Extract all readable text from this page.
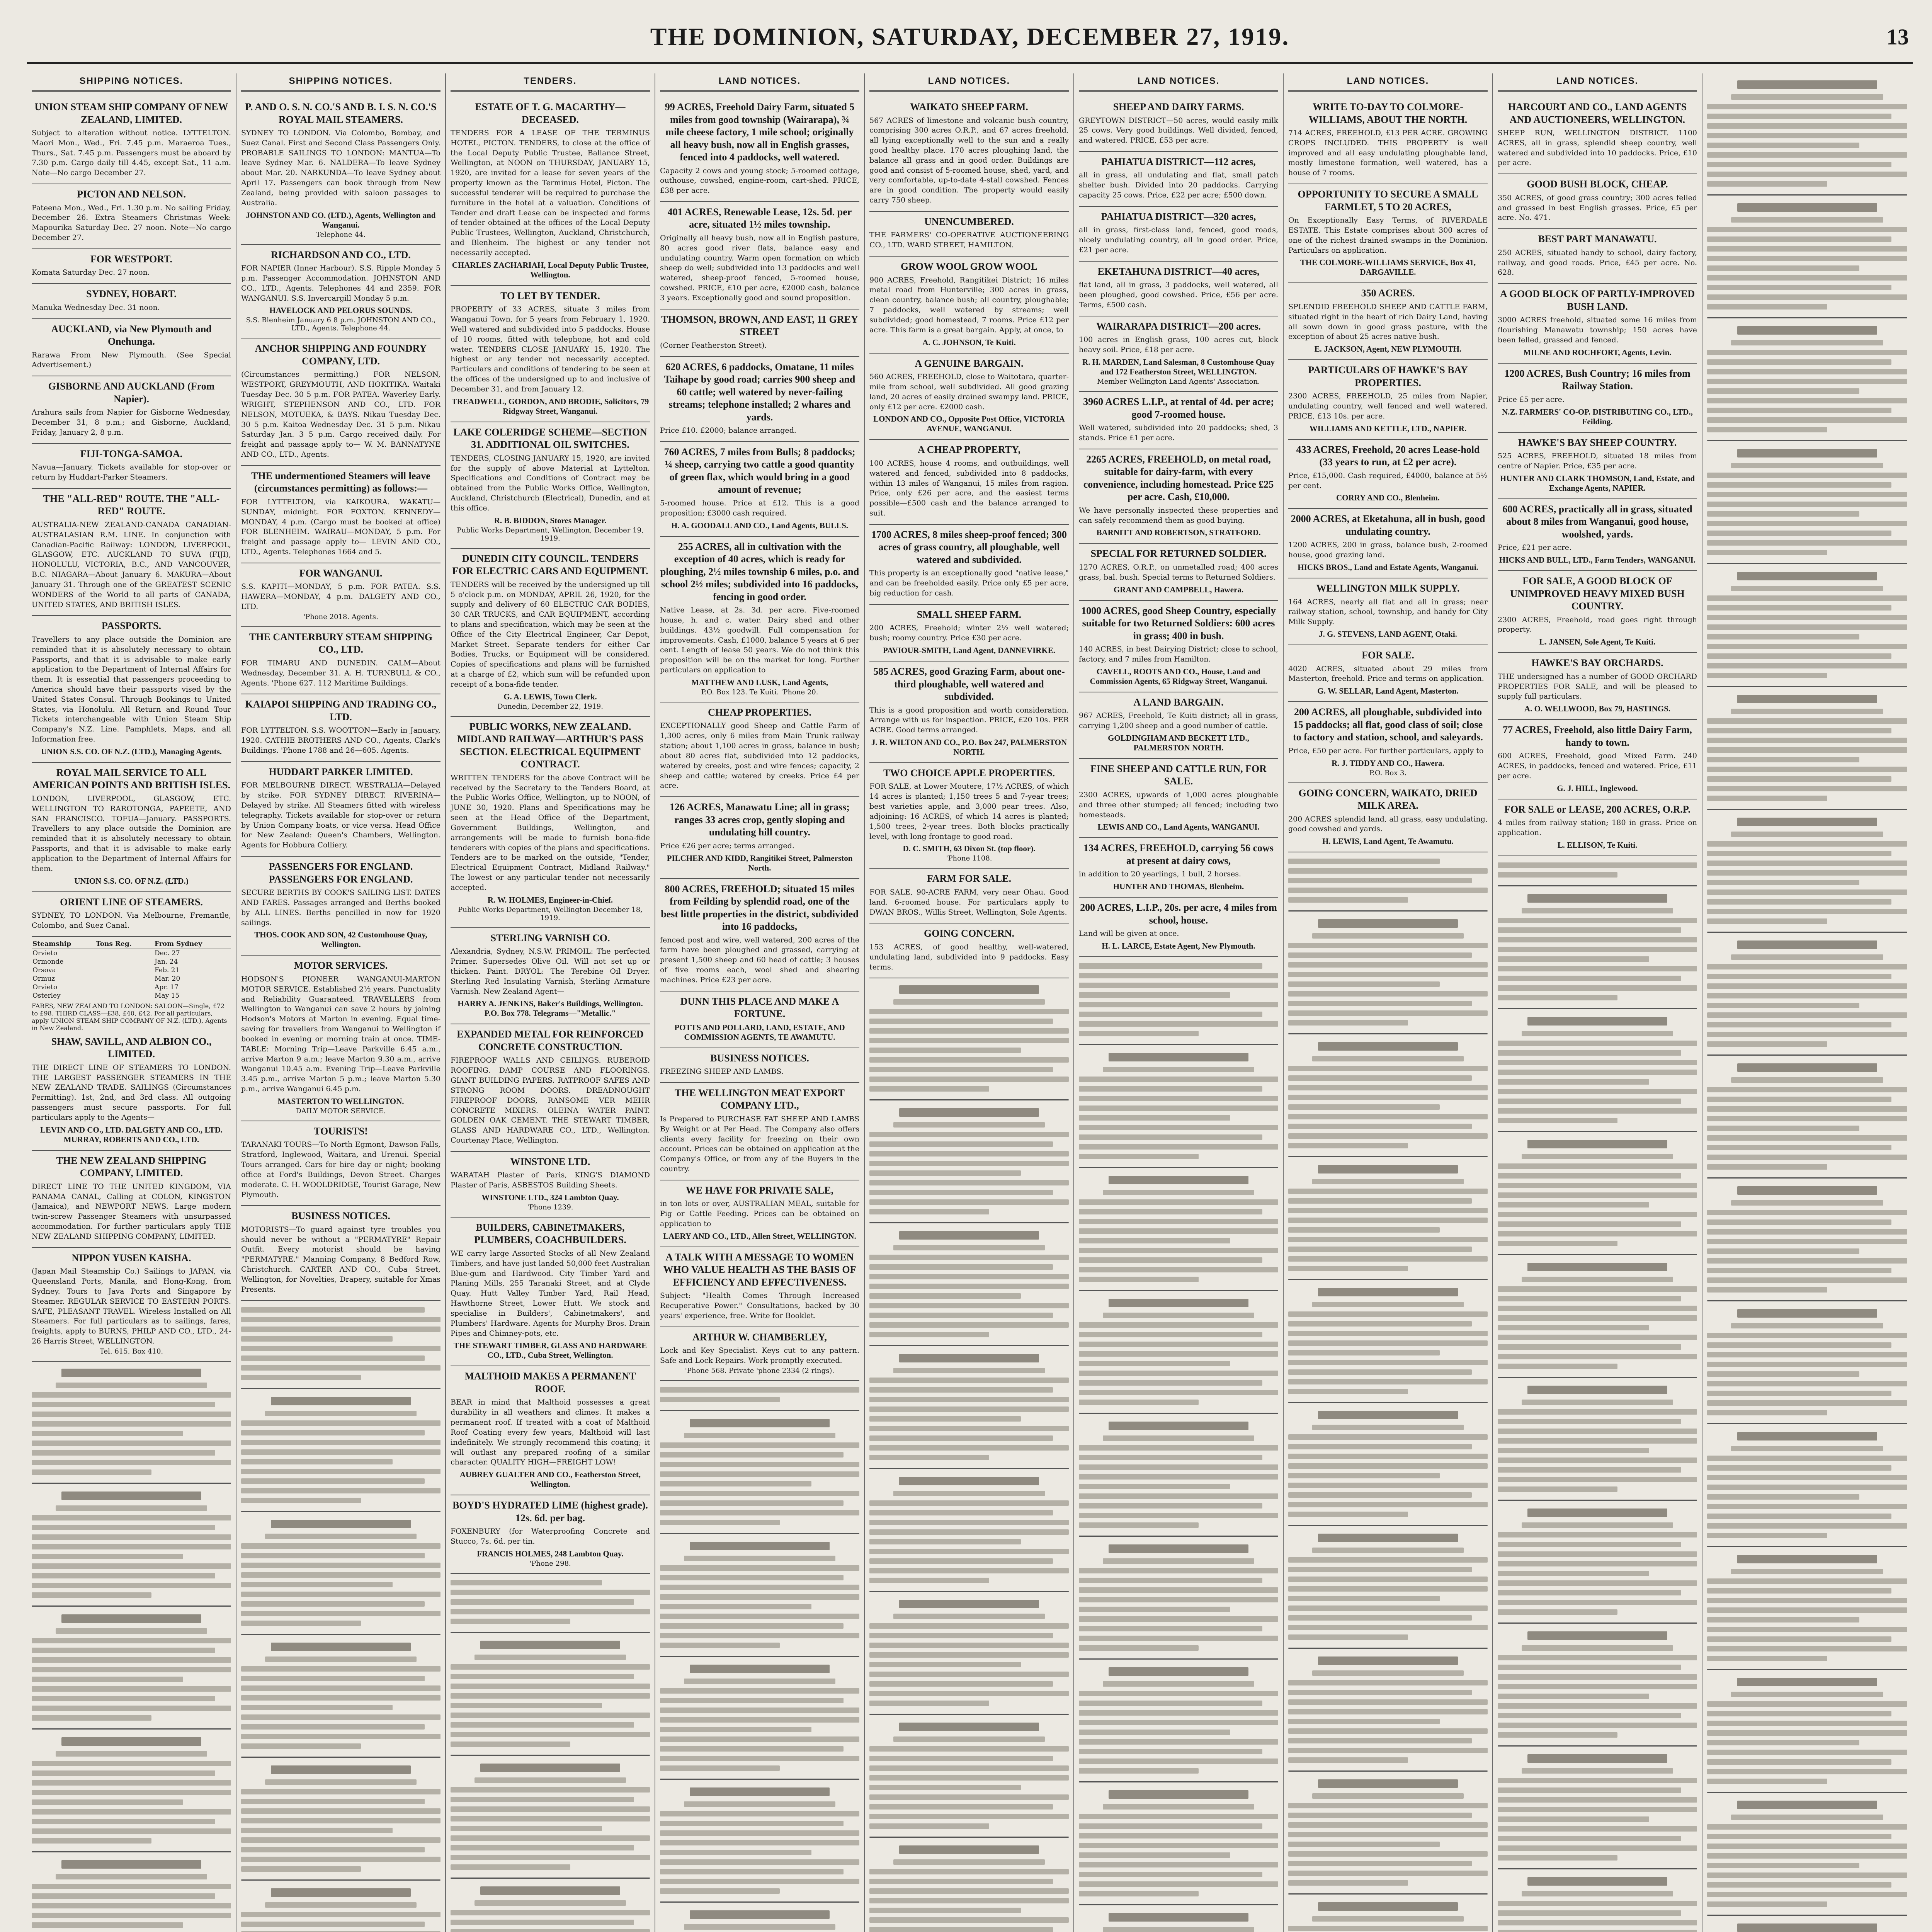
THE DOMINION, SATURDAY, DECEMBER 27, 1919.	13
SHIPPING NOTICES.
UNION STEAM SHIP COMPANY OF NEW ZEALAND, LIMITED.
Subject to alteration without notice. LYTTELTON. Maori Mon., Wed., Fri. 7.45 p.m. Maraeroa Tues., Thurs., Sat. 7.45 p.m. Passengers must be aboard by 7.30 p.m. Cargo daily till 4.45, except Sat., 11 a.m. Note—No cargo December 27.
PICTON AND NELSON.
Pateena Mon., Wed., Fri. 1.30 p.m. No sailing Friday, December 26. Extra Steamers Christmas Week: Mapourika Saturday Dec. 27 noon. Note—No cargo December 27.
FOR WESTPORT.
Komata Saturday Dec. 27 noon.
SYDNEY, HOBART.
Manuka Wednesday Dec. 31 noon.
AUCKLAND, via New Plymouth and Onehunga.
Rarawa From New Plymouth. (See Special Advertisement.)
GISBORNE AND AUCKLAND (From Napier).
Arahura sails from Napier for Gisborne Wednesday, December 31, 8 p.m.; and Gisborne, Auckland, Friday, January 2, 8 p.m.
FIJI-TONGA-SAMOA.
Navua—January. Tickets available for stop-over or return by Huddart-Parker Steamers.
THE "ALL-RED" ROUTE. THE "ALL-RED" ROUTE.
AUSTRALIA-NEW ZEALAND-CANADA CANADIAN-AUSTRALASIAN R.M. LINE. In conjunction with Canadian-Pacific Railway: LONDON, LIVERPOOL, GLASGOW, ETC. AUCKLAND TO SUVA (FIJI), HONOLULU, VICTORIA, B.C., AND VANCOUVER, B.C. NIAGARA—About January 6. MAKURA—About January 31. Through one of the GREATEST SCENIC WONDERS of the World to all parts of CANADA, UNITED STATES, AND BRITISH ISLES.
PASSPORTS.
Travellers to any place outside the Dominion are reminded that it is absolutely necessary to obtain Passports, and that it is advisable to make early application to the Department of Internal Affairs for them. It is essential that passengers proceeding to America should have their passports vised by the United States Consul. Through Bookings to United States, via Honolulu. All Return and Round Tour Tickets interchangeable with Union Steam Ship Company's N.Z. Line. Pamphlets, Maps, and all Information free.
UNION S.S. CO. OF N.Z. (LTD.), Managing Agents.
ROYAL MAIL SERVICE TO ALL AMERICAN POINTS AND BRITISH ISLES.
LONDON, LIVERPOOL, GLASGOW, ETC. WELLINGTON TO RAROTONGA, PAPEETE, AND SAN FRANCISCO. TOFUA—January. PASSPORTS. Travellers to any place outside the Dominion are reminded that it is absolutely necessary to obtain Passports, and that it is advisable to make early application to the Department of Internal Affairs for them.
UNION S.S. CO. OF N.Z. (LTD.)
ORIENT LINE OF STEAMERS.
SYDNEY, TO LONDON. Via Melbourne, Fremantle, Colombo, and Suez Canal.
Steamship	Tons Reg.	From Sydney
Orvieto		Dec. 27
Ormonde		Jan. 24
Orsova		Feb. 21
Ormuz		Mar. 20
Orvieto		Apr. 17
Osterley		May 15
FARES, NEW ZEALAND TO LONDON: SALOON—Single, £72 to £98. THIRD CLASS—£38, £40, £42. For all particulars, apply UNION STEAM SHIP COMPANY OF N.Z. (LTD.), Agents in New Zealand.
SHAW, SAVILL, AND ALBION CO., LIMITED.
THE DIRECT LINE OF STEAMERS TO LONDON. THE LARGEST PASSENGER STEAMERS IN THE NEW ZEALAND TRADE. SAILINGS (Circumstances Permitting). 1st, 2nd, and 3rd class. All outgoing passengers must secure passports. For full particulars apply to the Agents—
LEVIN AND CO., LTD. DALGETY AND CO., LTD. MURRAY, ROBERTS AND CO., LTD.
THE NEW ZEALAND SHIPPING COMPANY, LIMITED.
DIRECT LINE TO THE UNITED KINGDOM, VIA PANAMA CANAL, Calling at COLON, KINGSTON (Jamaica), and NEWPORT NEWS. Large modern twin-screw Passenger Steamers with unsurpassed accommodation. For further particulars apply THE NEW ZEALAND SHIPPING COMPANY, LIMITED.
NIPPON YUSEN KAISHA.
(Japan Mail Steamship Co.) Sailings to JAPAN, via Queensland Ports, Manila, and Hong-Kong, from Sydney. Tours to Java Ports and Singapore by Steamer. REGULAR SERVICE TO EASTERN PORTS. SAFE, PLEASANT TRAVEL. Wireless Installed on All Steamers. For full particulars as to sailings, fares, freights, apply to BURNS, PHILP AND CO., LTD., 24-26 Harris Street, WELLINGTON.
Tel. 615. Box 410.
SHIPPING NOTICES.
P. AND O. S. N. CO.'S AND B. I. S. N. CO.'S ROYAL MAIL STEAMERS.
SYDNEY TO LONDON. Via Colombo, Bombay, and Suez Canal. First and Second Class Passengers Only. PROBABLE SAILINGS TO LONDON: MANTUA—To leave Sydney Mar. 6. NALDERA—To leave Sydney about Mar. 20. NARKUNDA—To leave Sydney about April 17. Passengers can book through from New Zealand, being provided with saloon passages to Australia.
JOHNSTON AND CO. (LTD.), Agents, Wellington and Wanganui.
Telephone 44.
RICHARDSON AND CO., LTD.
FOR NAPIER (Inner Harbour). S.S. Ripple Monday 5 p.m. Passenger Accommodation. JOHNSTON AND CO., LTD., Agents. Telephones 44 and 2359. FOR WANGANUI. S.S. Invercargill Monday 5 p.m.
HAVELOCK AND PELORUS SOUNDS.
S.S. Blenheim January 6 8 p.m. JOHNSTON AND CO., LTD., Agents. Telephone 44.
ANCHOR SHIPPING AND FOUNDRY COMPANY, LTD.
(Circumstances permitting.) FOR NELSON, WESTPORT, GREYMOUTH, AND HOKITIKA. Waitaki Tuesday Dec. 30 5 p.m. FOR PATEA. Waverley Early. WRIGHT, STEPHENSON AND CO., LTD. FOR NELSON, MOTUEKA, & BAYS. Nikau Tuesday Dec. 30 5 p.m. Kaitoa Wednesday Dec. 31 5 p.m. Nikau Saturday Jan. 3 5 p.m. Cargo received daily. For freight and passage apply to— W. M. BANNATYNE AND CO., LTD., Agents.
THE undermentioned Steamers will leave (circumstances permitting) as follows:—
FOR LYTTELTON, via KAIKOURA. WAKATU—SUNDAY, midnight. FOR FOXTON. KENNEDY—MONDAY, 4 p.m. (Cargo must be booked at office) FOR BLENHEIM. WAIRAU—MONDAY, 5 p.m. For freight and passage apply to— LEVIN AND CO., LTD., Agents. Telephones 1664 and 5.
FOR WANGANUI.
S.S. KAPITI—MONDAY, 5 p.m. FOR PATEA. S.S. HAWERA—MONDAY, 4 p.m. DALGETY AND CO., LTD.
'Phone 2018. Agents.
THE CANTERBURY STEAM SHIPPING CO., LTD.
FOR TIMARU AND DUNEDIN. CALM—About Wednesday, December 31. A. H. TURNBULL & CO., Agents. 'Phone 627. 112 Maritime Buildings.
KAIAPOI SHIPPING AND TRADING CO., LTD.
FOR LYTTELTON. S.S. WOOTTON—Early in January, 1920. CATHIE BROTHERS AND CO., Agents, Clark's Buildings. 'Phone 1788 and 26—605. Agents.
HUDDART PARKER LIMITED.
FOR MELBOURNE DIRECT. WESTRALIA—Delayed by strike. FOR SYDNEY DIRECT. RIVERINA—Delayed by strike. All Steamers fitted with wireless telegraphy. Tickets available for stop-over or return by Union Company boats, or vice versa. Head Office for New Zealand: Queen's Chambers, Wellington. Agents for Hobbura Colliery.
PASSENGERS FOR ENGLAND. PASSENGERS FOR ENGLAND.
SECURE BERTHS BY COOK'S SAILING LIST. DATES AND FARES. Passages arranged and Berths booked by ALL LINES. Berths pencilled in now for 1920 sailings.
THOS. COOK AND SON, 42 Customhouse Quay, Wellington.
MOTOR SERVICES.
HODSON'S PIONEER WANGANUI-MARTON MOTOR SERVICE. Established 2½ years. Punctuality and Reliability Guaranteed. TRAVELLERS from Wellington to Wanganui can save 2 hours by joining Hodson's Motors at Marton in evening. Equal time-saving for travellers from Wanganui to Wellington if booked in evening or morning train at once. TIME-TABLE: Morning Trip—Leave Parkville 6.45 a.m., arrive Marton 9 a.m.; leave Marton 9.30 a.m., arrive Wanganui 10.45 a.m. Evening Trip—Leave Parkville 3.45 p.m., arrive Marton 5 p.m.; leave Marton 5.30 p.m., arrive Wanganui 6.45 p.m.
MASTERTON TO WELLINGTON.
DAILY MOTOR SERVICE.
TOURISTS!
TARANAKI TOURS—To North Egmont, Dawson Falls, Stratford, Inglewood, Waitara, and Urenui. Special Tours arranged. Cars for hire day or night; booking office at Ford's Buildings, Devon Street. Charges moderate. C. H. WOOLDRIDGE, Tourist Garage, New Plymouth.
BUSINESS NOTICES.
MOTORISTS—To guard against tyre troubles you should never be without a "PERMATYRE" Repair Outfit. Every motorist should be having "PERMATYRE." Manning Company, 8 Bedford Row, Christchurch. CARTER AND CO., Cuba Street, Wellington, for Novelties, Drapery, suitable for Xmas Presents.
TENDERS.
ESTATE OF T. G. MACARTHY—DECEASED.
TENDERS FOR A LEASE OF THE TERMINUS HOTEL, PICTON. TENDERS, to close at the office of the Local Deputy Public Trustee, Ballance Street, Wellington, at NOON on THURSDAY, JANUARY 15, 1920, are invited for a lease for seven years of the property known as the Terminus Hotel, Picton. The successful tenderer will be required to purchase the furniture in the hotel at a valuation. Conditions of Tender and draft Lease can be inspected and forms of tender obtained at the offices of the Local Deputy Public Trustees, Wellington, Auckland, Christchurch, and Blenheim. The highest or any tender not necessarily accepted.
CHARLES ZACHARIAH, Local Deputy Public Trustee, Wellington.
TO LET BY TENDER.
PROPERTY of 33 ACRES, situate 3 miles from Wanganui Town, for 5 years from February 1, 1920. Well watered and subdivided into 5 paddocks. House of 10 rooms, fitted with telephone, hot and cold water. TENDERS CLOSE JANUARY 15, 1920. The highest or any tender not necessarily accepted. Particulars and conditions of tendering to be seen at the offices of the undersigned up to and inclusive of December 31, and from January 12.
TREADWELL, GORDON, AND BRODIE, Solicitors, 79 Ridgway Street, Wanganui.
LAKE COLERIDGE SCHEME—SECTION 31. ADDITIONAL OIL SWITCHES.
TENDERS, CLOSING JANUARY 15, 1920, are invited for the supply of above Material at Lyttelton. Specifications and Conditions of Contract may be obtained from the Public Works Office, Wellington, Auckland, Christchurch (Electrical), Dunedin, and at this office.
R. B. BIDDON, Stores Manager.
Public Works Department, Wellington, December 19, 1919.
DUNEDIN CITY COUNCIL. TENDERS FOR ELECTRIC CARS AND EQUIPMENT.
TENDERS will be received by the undersigned up till 5 o'clock p.m. on MONDAY, APRIL 26, 1920, for the supply and delivery of 60 ELECTRIC CAR BODIES, 30 CAR TRUCKS, and CAR EQUIPMENT, according to plans and specification, which may be seen at the Office of the City Electrical Engineer, Car Depot, Market Street. Separate tenders for either Car Bodies, Trucks, or Equipment will be considered. Copies of specifications and plans will be furnished at a charge of £2, which sum will be refunded upon receipt of a bona-fide tender.
G. A. LEWIS, Town Clerk.
Dunedin, December 22, 1919.
PUBLIC WORKS, NEW ZEALAND. MIDLAND RAILWAY—ARTHUR'S PASS SECTION. ELECTRICAL EQUIPMENT CONTRACT.
WRITTEN TENDERS for the above Contract will be received by the Secretary to the Tenders Board, at the Public Works Office, Wellington, up to NOON, of JUNE 30, 1920. Plans and Specifications may be seen at the Head Office of the Department, Government Buildings, Wellington, and arrangements will be made to furnish bona-fide tenderers with copies of the plans and specifications. Tenders are to be marked on the outside, "Tender, Electrical Equipment Contract, Midland Railway." The lowest or any particular tender not necessarily accepted.
R. W. HOLMES, Engineer-in-Chief.
Public Works Department, Wellington December 18, 1919.
STERLING VARNISH CO.
Alexandria, Sydney, N.S.W. PRIMOIL: The perfected Primer. Supersedes Olive Oil. Will not set up or thicken. Paint. DRYOL: The Terebine Oil Dryer. Sterling Red Insulating Varnish, Sterling Armature Varnish. New Zealand Agent—
HARRY A. JENKINS, Baker's Buildings, Wellington. P.O. Box 778. Telegrams—"Metallic."
EXPANDED METAL FOR REINFORCED CONCRETE CONSTRUCTION.
FIREPROOF WALLS AND CEILINGS. RUBEROID ROOFING. DAMP COURSE AND FLOORINGS. GIANT BUILDING PAPERS. RATPROOF SAFES AND STRONG ROOM DOORS. DREADNOUGHT FIREPROOF DOORS, RANSOME VER MEHR CONCRETE MIXERS. OLEINA WATER PAINT. GOLDEN OAK CEMENT. THE STEWART TIMBER, GLASS AND HARDWARE CO., LTD., Wellington. Courtenay Place, Wellington.
WINSTONE LTD.
WARATAH Plaster of Paris, KING'S DIAMOND Plaster of Paris, ASBESTOS Building Sheets.
WINSTONE LTD., 324 Lambton Quay.
'Phone 1239.
BUILDERS, CABINETMAKERS, PLUMBERS, COACHBUILDERS.
WE carry large Assorted Stocks of all New Zealand Timbers, and have just landed 50,000 feet Australian Blue-gum and Hardwood. City Timber Yard and Planing Mills, 255 Taranaki Street, and at Clyde Quay. Hutt Valley Timber Yard, Rail Head, Hawthorne Street, Lower Hutt. We stock and specialise in Builders', Cabinetmakers', and Plumbers' Hardware. Agents for Murphy Bros. Drain Pipes and Chimney-pots, etc.
THE STEWART TIMBER, GLASS AND HARDWARE CO., LTD., Cuba Street, Wellington.
MALTHOID MAKES A PERMANENT ROOF.
BEAR in mind that Malthoid possesses a great durability in all weathers and climes. It makes a permanent roof. If treated with a coat of Malthoid Roof Coating every few years, Malthoid will last indefinitely. We strongly recommend this coating; it will outlast any prepared roofing of a similar character. QUALITY HIGH—FREIGHT LOW!
AUBREY GUALTER AND CO., Featherston Street, Wellington.
BOYD'S HYDRATED LIME (highest grade). 12s. 6d. per bag.
FOXENBURY (for Waterproofing Concrete and Stucco, 7s. 6d. per tin.
FRANCIS HOLMES, 248 Lambton Quay.
'Phone 298.
LAND NOTICES.
99 ACRES, Freehold Dairy Farm, situated 5 miles from good township (Wairarapa), ¾ mile cheese factory, 1 mile school; originally all heavy bush, now all in English grasses, fenced into 4 paddocks, well watered.
Capacity 2 cows and young stock; 5-roomed cottage, outhouse, cowshed, engine-room, cart-shed. PRICE, £38 per acre.
401 ACRES, Renewable Lease, 12s. 5d. per acre, situated 1½ miles township.
Originally all heavy bush, now all in English pasture, 80 acres good river flats, balance easy and undulating country. Warm open formation on which sheep do well; subdivided into 13 paddocks and well watered, sheep-proof fenced, 5-roomed house, cowshed. PRICE, £10 per acre, £2000 cash, balance 3 years. Exceptionally good and sound proposition.
THOMSON, BROWN, AND EAST, 11 GREY STREET
(Corner Featherston Street).
620 ACRES, 6 paddocks, Omatane, 11 miles Taihape by good road; carries 900 sheep and 60 cattle; well watered by never-failing streams; telephone installed; 2 whares and yards.
Price £10. £2000; balance arranged.
760 ACRES, 7 miles from Bulls; 8 paddocks; ¼ sheep, carrying two cattle a good quantity of green flax, which would bring in a good amount of revenue;
5-roomed house. Price at £12. This is a good proposition; £3000 cash required.
H. A. GOODALL AND CO., Land Agents, BULLS.
255 ACRES, all in cultivation with the exception of 40 acres, which is ready for ploughing, 2½ miles township 6 miles, p.o. and school 2½ miles; subdivided into 16 paddocks, fencing in good order.
Native Lease, at 2s. 3d. per acre. Five-roomed house, h. and c. water. Dairy shed and other buildings. 43½ goodwill. Full compensation for improvements. Cash, £1000, balance 5 years at 6 per cent. Length of lease 50 years. We do not think this proposition will be on the market for long. Further particulars on application to
MATTHEW AND LUSK, Land Agents,
P.O. Box 123. Te Kuiti. 'Phone 20.
CHEAP PROPERTIES.
EXCEPTIONALLY good Sheep and Cattle Farm of 1,300 acres, only 6 miles from Main Trunk railway station; about 1,100 acres in grass, balance in bush; about 80 acres flat, subdivided into 12 paddocks, watered by creeks, post and wire fences; capacity, 2 sheep and cattle; watered by creeks. Price £4 per acre.
126 ACRES, Manawatu Line; all in grass; ranges 33 acres crop, gently sloping and undulating hill country.
Price £26 per acre; terms arranged.
PILCHER AND KIDD, Rangitikei Street, Palmerston North.
800 ACRES, FREEHOLD; situated 15 miles from Feilding by splendid road, one of the best little properties in the district, subdivided into 16 paddocks,
fenced post and wire, well watered, 200 acres of the farm have been ploughed and grassed, carrying at present 1,500 sheep and 60 head of cattle; 3 houses of five rooms each, wool shed and shearing machines. Price £23 per acre.
DUNN THIS PLACE AND MAKE A FORTUNE.
POTTS AND POLLARD, LAND, ESTATE, AND COMMISSION AGENTS, TE AWAMUTU.
BUSINESS NOTICES.
FREEZING SHEEP AND LAMBS.
THE WELLINGTON MEAT EXPORT COMPANY LTD.,
Is Prepared to PURCHASE FAT SHEEP AND LAMBS By Weight or at Per Head. The Company also offers clients every facility for freezing on their own account. Prices can be obtained on application at the Company's Office, or from any of the Buyers in the country.
WE HAVE FOR PRIVATE SALE,
in ton lots or over, AUSTRALIAN MEAL, suitable for Pig or Cattle Feeding. Prices can be obtained on application to
LAERY AND CO., LTD., Allen Street, WELLINGTON.
A TALK WITH A MESSAGE TO WOMEN WHO VALUE HEALTH AS THE BASIS OF EFFICIENCY AND EFFECTIVENESS.
Subject: "Health Comes Through Increased Recuperative Power." Consultations, backed by 30 years' experience, free. Write for Booklet.
ARTHUR W. CHAMBERLEY,
Lock and Key Specialist. Keys cut to any pattern. Safe and Lock Repairs. Work promptly executed.
'Phone 568. Private 'phone 2334 (2 rings).
LAND NOTICES.
WAIKATO SHEEP FARM.
567 ACRES of limestone and volcanic bush country, comprising 300 acres O.R.P., and 67 acres freehold, all lying exceptionally well to the sun and a really good healthy place. 170 acres ploughing land, the balance all grass and in good order. Buildings are good and consist of 5-roomed house, shed, yard, and very comfortable, up-to-date 4-stall cowshed. Fences are in good condition. The property would easily carry 750 sheep.
UNENCUMBERED.
THE FARMERS' CO-OPERATIVE AUCTIONEERING CO., LTD. WARD STREET, HAMILTON.
GROW WOOL GROW WOOL
900 ACRES, Freehold, Rangitikei District; 16 miles metal road from Hunterville; 300 acres in grass, clean country, balance bush; all country, ploughable; 7 paddocks, well watered by streams; well subdivided; good homestead, 7 rooms. Price £12 per acre. This farm is a great bargain. Apply, at once, to
A. C. JOHNSON, Te Kuiti.
A GENUINE BARGAIN.
560 ACRES, FREEHOLD, close to Waitotara, quarter-mile from school, well subdivided. All good grazing land, 20 acres of easily drained swampy land. PRICE, only £12 per acre. £2000 cash.
LONDON AND CO., Opposite Post Office, VICTORIA AVENUE, WANGANUI.
A CHEAP PROPERTY,
100 ACRES, house 4 rooms, and outbuildings, well watered and fenced, subdivided into 8 paddocks, within 13 miles of Wanganui, 15 miles from ragion. Price, only £26 per acre, and the easiest terms possible—£500 cash and the balance arranged to suit.
1700 ACRES, 8 miles sheep-proof fenced; 300 acres of grass country, all ploughable, well watered and subdivided.
This property is an exceptionally good "native lease," and can be freeholded easily. Price only £5 per acre, big reduction for cash.
SMALL SHEEP FARM.
200 ACRES, Freehold; winter 2½ well watered; bush; roomy country. Price £30 per acre.
PAVIOUR-SMITH, Land Agent, DANNEVIRKE.
585 ACRES, good Grazing Farm, about one-third ploughable, well watered and subdivided.
This is a good proposition and worth consideration. Arrange with us for inspection. PRICE, £20 10s. PER ACRE. Good terms arranged.
J. R. WILTON AND CO., P.O. Box 247, PALMERSTON NORTH.
TWO CHOICE APPLE PROPERTIES.
FOR SALE, at Lower Moutere, 17½ ACRES, of which 14 acres is planted; 1,150 trees 5 and 7-year trees; best varieties apple, and 3,000 pear trees. Also, adjoining: 16 ACRES, of which 14 acres is planted; 1,500 trees, 2-year trees. Both blocks practically level, with long frontage to good road.
D. C. SMITH, 63 Dixon St. (top floor).
'Phone 1108.
FARM FOR SALE.
FOR SALE, 90-ACRE FARM, very near Ohau. Good land. 6-roomed house. For particulars apply to DWAN BROS., Willis Street, Wellington, Sole Agents.
GOING CONCERN.
153 ACRES, of good healthy, well-watered, undulating land, subdivided into 9 paddocks. Easy terms.
LAND NOTICES.
SHEEP AND DAIRY FARMS.
GREYTOWN DISTRICT—50 acres, would easily milk 25 cows. Very good buildings. Well divided, fenced, and watered. PRICE, £53 per acre.
PAHIATUA DISTRICT—112 acres,
all in grass, all undulating and flat, small patch shelter bush. Divided into 20 paddocks. Carrying capacity 25 cows. Price, £22 per acre; £500 down.
PAHIATUA DISTRICT—320 acres,
all in grass, first-class land, fenced, good roads, nicely undulating country, all in good order. Price, £21 per acre.
EKETAHUNA DISTRICT—40 acres,
flat land, all in grass, 3 paddocks, well watered, all been ploughed, good cowshed. Price, £56 per acre. Terms, £500 cash.
WAIRARAPA DISTRICT—200 acres.
100 acres in English grass, 100 acres cut, block heavy soil. Price, £18 per acre.
R. H. MARDEN, Land Salesman, 8 Customhouse Quay and 172 Featherston Street, WELLINGTON.
Member Wellington Land Agents' Association.
3960 ACRES L.I.P., at rental of 4d. per acre; good 7-roomed house.
Well watered, subdivided into 20 paddocks; shed, 3 stands. Price £1 per acre.
2265 ACRES, FREEHOLD, on metal road, suitable for dairy-farm, with every convenience, including homestead. Price £25 per acre. Cash, £10,000.
We have personally inspected these properties and can safely recommend them as good buying.
BARNITT AND ROBERTSON, STRATFORD.
SPECIAL FOR RETURNED SOLDIER.
1270 ACRES, O.R.P., on unmetalled road; 400 acres grass, bal. bush. Special terms to Returned Soldiers.
GRANT AND CAMPBELL, Hawera.
1000 ACRES, good Sheep Country, especially suitable for two Returned Soldiers: 600 acres in grass; 400 in bush.
140 ACRES, in best Dairying District; close to school, factory, and 7 miles from Hamilton.
CAVELL, ROOTS AND CO., House, Land and Commission Agents, 65 Ridgway Street, Wanganui.
A LAND BARGAIN.
967 ACRES, Freehold, Te Kuiti district; all in grass, carrying 1,200 sheep and a good number of cattle.
GOLDINGHAM AND BECKETT LTD., PALMERSTON NORTH.
FINE SHEEP AND CATTLE RUN, FOR SALE.
2300 ACRES, upwards of 1,000 acres ploughable and three other stumped; all fenced; including two homesteads.
LEWIS AND CO., Land Agents, WANGANUI.
134 ACRES, FREEHOLD, carrying 56 cows at present at dairy cows,
in addition to 20 yearlings, 1 bull, 2 horses.
HUNTER AND THOMAS, Blenheim.
200 ACRES, L.I.P., 20s. per acre, 4 miles from school, house.
Land will be given at once.
H. L. LARCE, Estate Agent, New Plymouth.
LAND NOTICES.
WRITE TO-DAY TO COLMORE-WILLIAMS, ABOUT THE NORTH.
714 ACRES, FREEHOLD, £13 PER ACRE. GROWING CROPS INCLUDED. THIS PROPERTY is well improved and all easy undulating ploughable land, mostly limestone formation, well watered, has a house of 7 rooms.
OPPORTUNITY TO SECURE A SMALL FARMLET, 5 TO 20 ACRES,
On Exceptionally Easy Terms, of RIVERDALE ESTATE. This Estate comprises about 300 acres of one of the richest drained swamps in the Dominion. Particulars on application.
THE COLMORE-WILLIAMS SERVICE, Box 41, DARGAVILLE.
350 ACRES.
SPLENDID FREEHOLD SHEEP AND CATTLE FARM, situated right in the heart of rich Dairy Land, having all sown down in good grass pasture, with the exception of about 25 acres native bush.
E. JACKSON, Agent, NEW PLYMOUTH.
PARTICULARS OF HAWKE'S BAY PROPERTIES.
2300 ACRES, FREEHOLD, 25 miles from Napier, undulating country, well fenced and well watered. PRICE, £13 10s. per acre.
WILLIAMS AND KETTLE, LTD., NAPIER.
433 ACRES, Freehold, 20 acres Lease-hold (33 years to run, at £2 per acre).
Price, £15,000. Cash required, £4000, balance at 5½ per cent.
CORRY AND CO., Blenheim.
2000 ACRES, at Eketahuna, all in bush, good undulating country.
1200 ACRES, 200 in grass, balance bush, 2-roomed house, good grazing land.
HICKS BROS., Land and Estate Agents, Wanganui.
WELLINGTON MILK SUPPLY.
164 ACRES, nearly all flat and all in grass; near railway station, school, township, and handy for City Milk Supply.
J. G. STEVENS, LAND AGENT, Otaki.
FOR SALE.
4020 ACRES, situated about 29 miles from Masterton, freehold. Price and terms on application.
G. W. SELLAR, Land Agent, Masterton.
200 ACRES, all ploughable, subdivided into 15 paddocks; all flat, good class of soil; close to factory and station, school, and saleyards.
Price, £50 per acre. For further particulars, apply to
R. J. TIDDY AND CO., Hawera.
P.O. Box 3.
GOING CONCERN, WAIKATO, DRIED MILK AREA.
200 ACRES splendid land, all grass, easy undulating, good cowshed and yards.
H. LEWIS, Land Agent, Te Awamutu.
LAND NOTICES.
HARCOURT AND CO., LAND AGENTS AND AUCTIONEERS, WELLINGTON.
SHEEP RUN, WELLINGTON DISTRICT. 1100 ACRES, all in grass, splendid sheep country, well watered and subdivided into 10 paddocks. Price, £10 per acre.
GOOD BUSH BLOCK, CHEAP.
350 ACRES, of good grass country; 300 acres felled and grassed in best English grasses. Price, £5 per acre. No. 471.
BEST PART MANAWATU.
250 ACRES, situated handy to school, dairy factory, railway, and good roads. Price, £45 per acre. No. 628.
A GOOD BLOCK OF PARTLY-IMPROVED BUSH LAND.
3000 ACRES freehold, situated some 16 miles from flourishing Manawatu township; 150 acres have been felled, grassed and fenced.
MILNE AND ROCHFORT, Agents, Levin.
1200 ACRES, Bush Country; 16 miles from Railway Station.
Price £5 per acre.
N.Z. FARMERS' CO-OP. DISTRIBUTING CO., LTD., Feilding.
HAWKE'S BAY SHEEP COUNTRY.
525 ACRES, FREEHOLD, situated 18 miles from centre of Napier. Price, £35 per acre.
HUNTER AND CLARK THOMSON, Land, Estate, and Exchange Agents, NAPIER.
600 ACRES, practically all in grass, situated about 8 miles from Wanganui, good house, woolshed, yards.
Price, £21 per acre.
HICKS AND BULL, LTD., Farm Tenders, WANGANUI.
FOR SALE, A GOOD BLOCK OF UNIMPROVED HEAVY MIXED BUSH COUNTRY.
2300 ACRES, Freehold, road goes right through property.
L. JANSEN, Sole Agent, Te Kuiti.
HAWKE'S BAY ORCHARDS.
THE undersigned has a number of GOOD ORCHARD PROPERTIES FOR SALE, and will be pleased to supply full particulars.
A. O. WELLWOOD, Box 79, HASTINGS.
77 ACRES, Freehold, also little Dairy Farm, handy to town.
600 ACRES, Freehold, good Mixed Farm. 240 ACRES, in paddocks, fenced and watered. Price, £11 per acre.
G. J. HILL, Inglewood.
FOR SALE or LEASE, 200 ACRES, O.R.P.
4 miles from railway station; 180 in grass. Price on application.
L. ELLISON, Te Kuiti.
